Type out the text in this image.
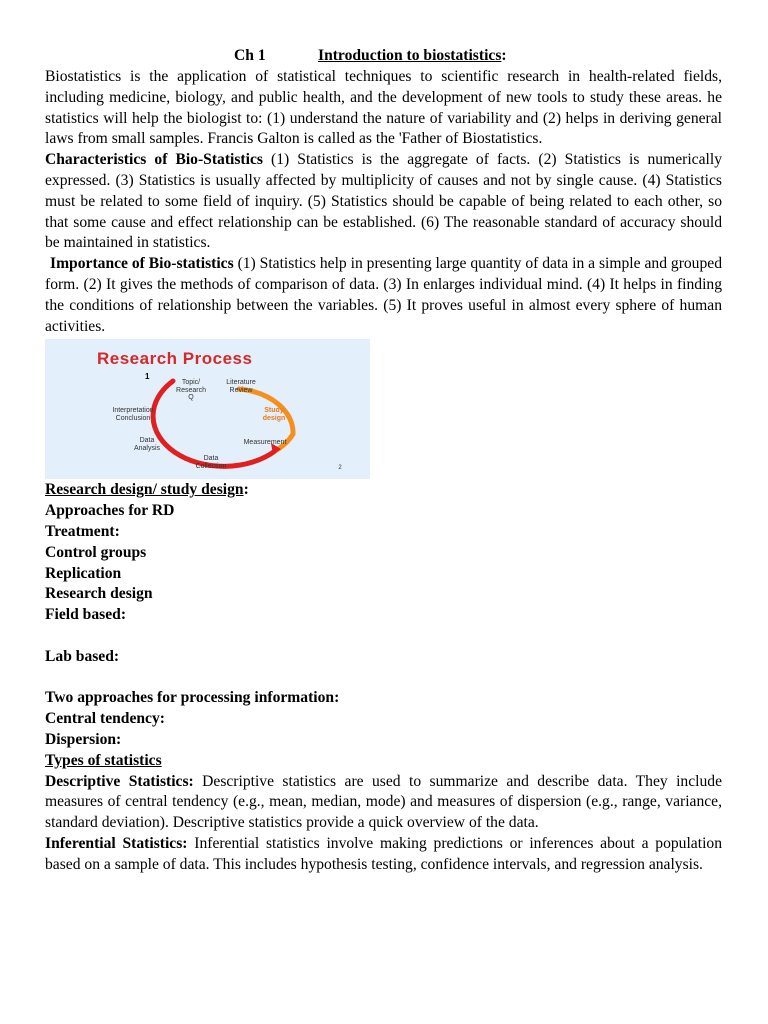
Ch 1	Introduction to biostatistics:

Biostatistics is the application of statistical techniques to scientific research in health-related fields, including medicine, biology, and public health, and the development of new tools to study these areas. he statistics will help the biologist to: (1) understand the nature of variability and (2) helps in deriving general laws from small samples. Francis Galton is called as the 'Father of Biostatistics.

Characteristics of Bio-Statistics (1) Statistics is the aggregate of facts. (2) Statistics is numerically expressed. (3) Statistics is usually affected by multiplicity of causes and not by single cause. (4) Statistics must be related to some field of inquiry. (5) Statistics should be capable of being related to each other, so that some cause and effect relationship can be established. (6) The reasonable standard of accuracy should be maintained in statistics.

Importance of Bio-statistics (1) Statistics help in presenting large quantity of data in a simple and grouped form. (2) It gives the methods of comparison of data. (3) In enlarges individual mind. (4) It helps in finding the conditions of relationship between the variables. (5) It proves useful in almost every sphere of human activities.

Research Process
1
Topic/ Research Q
Literature Review
Study design
Measurement
Data Collection
Data Analysis
Interpretation Conclusion
2
Research design/ study design:
Approaches for RD
Treatment:
Control groups
Replication
Research design
Field based:
Lab based:
Two approaches for processing information:
Central tendency:
Dispersion:
Types of statistics

Descriptive Statistics: Descriptive statistics are used to summarize and describe data. They include measures of central tendency (e.g., mean, median, mode) and measures of dispersion (e.g., range, variance, standard deviation). Descriptive statistics provide a quick overview of the data.

Inferential Statistics: Inferential statistics involve making predictions or inferences about a population based on a sample of data. This includes hypothesis testing, confidence intervals, and regression analysis.
